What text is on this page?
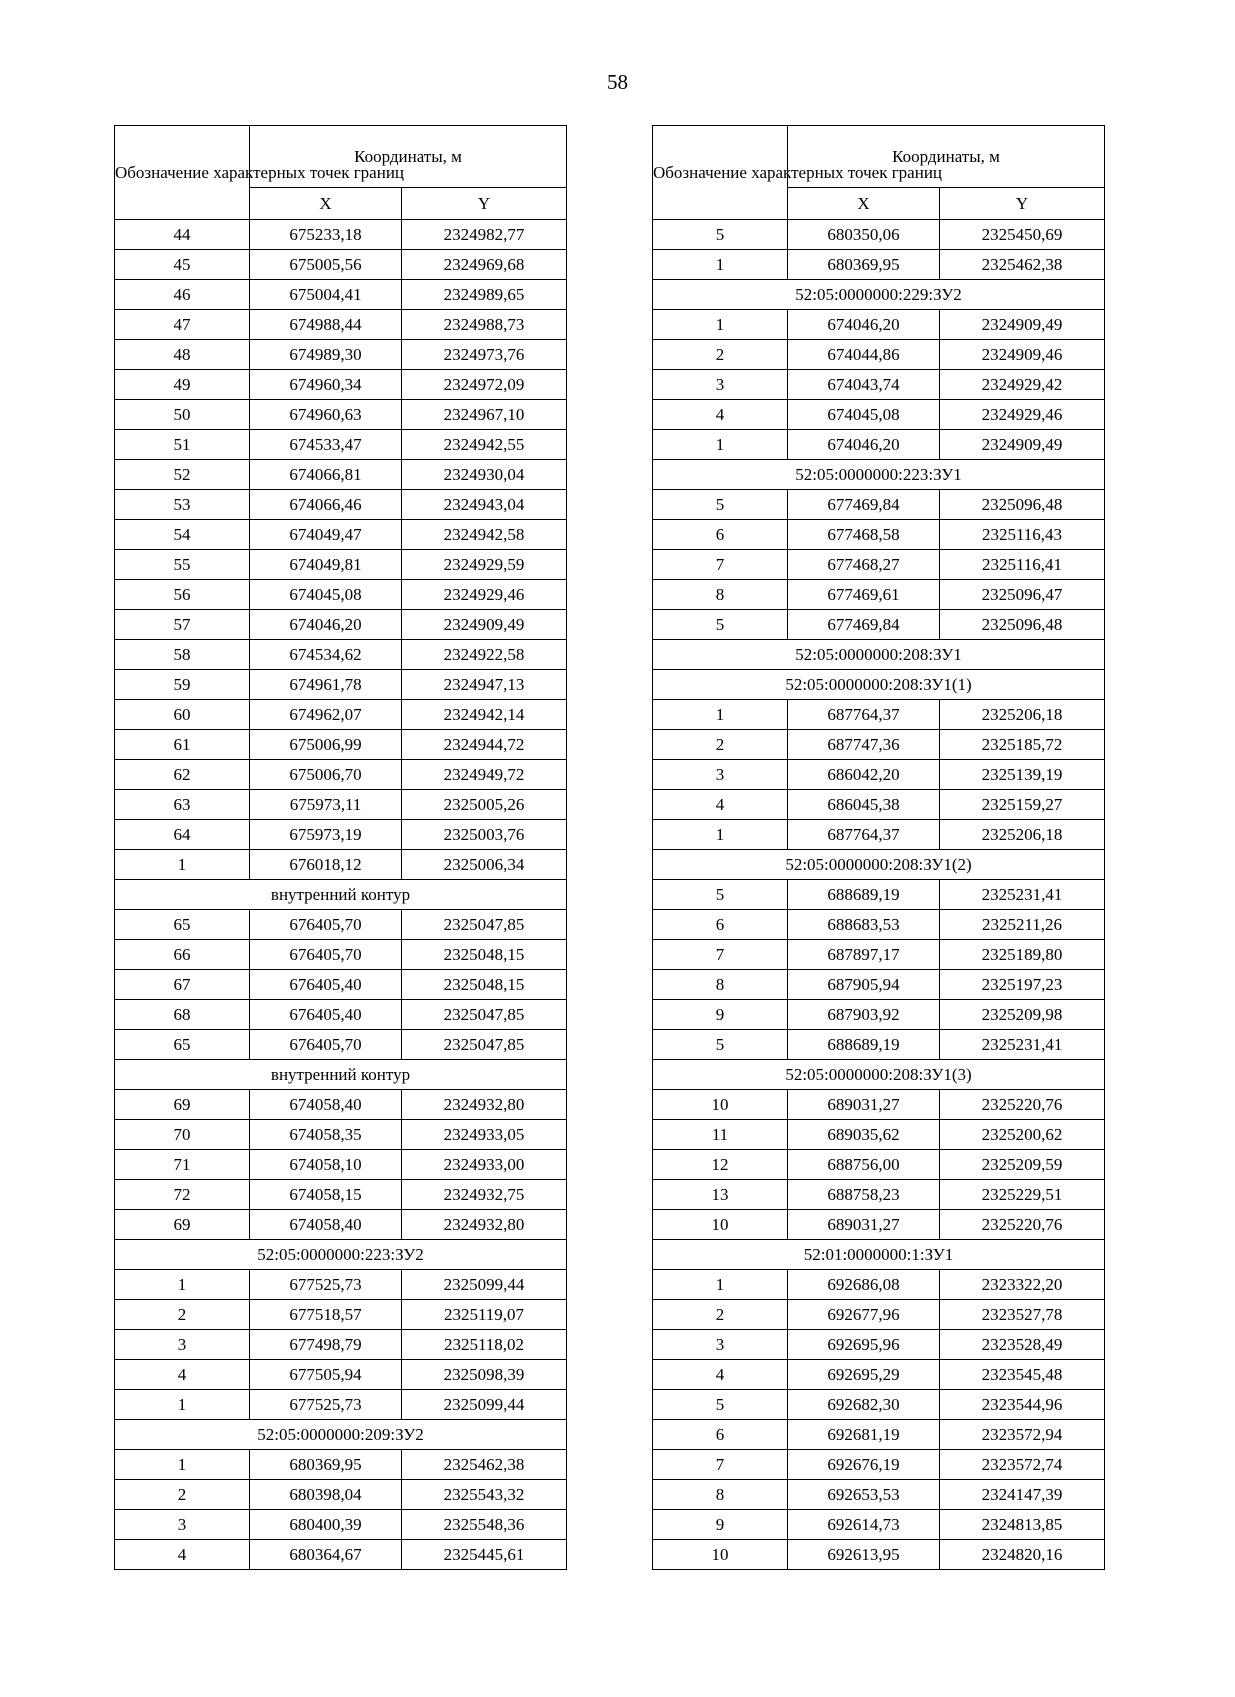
58
Обозначение характерных точек границ	Координаты, м	
	X	Y
44	675233,18	2324982,77
45	675005,56	2324969,68
46	675004,41	2324989,65
47	674988,44	2324988,73
48	674989,30	2324973,76
49	674960,34	2324972,09
50	674960,63	2324967,10
51	674533,47	2324942,55
52	674066,81	2324930,04
53	674066,46	2324943,04
54	674049,47	2324942,58
55	674049,81	2324929,59
56	674045,08	2324929,46
57	674046,20	2324909,49
58	674534,62	2324922,58
59	674961,78	2324947,13
60	674962,07	2324942,14
61	675006,99	2324944,72
62	675006,70	2324949,72
63	675973,11	2325005,26
64	675973,19	2325003,76
1	676018,12	2325006,34
внутренний контур		
65	676405,70	2325047,85
66	676405,70	2325048,15
67	676405,40	2325048,15
68	676405,40	2325047,85
65	676405,70	2325047,85
внутренний контур		
69	674058,40	2324932,80
70	674058,35	2324933,05
71	674058,10	2324933,00
72	674058,15	2324932,75
69	674058,40	2324932,80
52:05:0000000:223:ЗУ2		
1	677525,73	2325099,44
2	677518,57	2325119,07
3	677498,79	2325118,02
4	677505,94	2325098,39
1	677525,73	2325099,44
52:05:0000000:209:ЗУ2		
1	680369,95	2325462,38
2	680398,04	2325543,32
3	680400,39	2325548,36
4	680364,67	2325445,61
Обозначение характерных точек границ	Координаты, м	
	X	Y
5	680350,06	2325450,69
1	680369,95	2325462,38
52:05:0000000:229:ЗУ2		
1	674046,20	2324909,49
2	674044,86	2324909,46
3	674043,74	2324929,42
4	674045,08	2324929,46
1	674046,20	2324909,49
52:05:0000000:223:ЗУ1		
5	677469,84	2325096,48
6	677468,58	2325116,43
7	677468,27	2325116,41
8	677469,61	2325096,47
5	677469,84	2325096,48
52:05:0000000:208:ЗУ1		
52:05:0000000:208:ЗУ1(1)		
1	687764,37	2325206,18
2	687747,36	2325185,72
3	686042,20	2325139,19
4	686045,38	2325159,27
1	687764,37	2325206,18
52:05:0000000:208:ЗУ1(2)		
5	688689,19	2325231,41
6	688683,53	2325211,26
7	687897,17	2325189,80
8	687905,94	2325197,23
9	687903,92	2325209,98
5	688689,19	2325231,41
52:05:0000000:208:ЗУ1(3)		
10	689031,27	2325220,76
11	689035,62	2325200,62
12	688756,00	2325209,59
13	688758,23	2325229,51
10	689031,27	2325220,76
52:01:0000000:1:ЗУ1		
1	692686,08	2323322,20
2	692677,96	2323527,78
3	692695,96	2323528,49
4	692695,29	2323545,48
5	692682,30	2323544,96
6	692681,19	2323572,94
7	692676,19	2323572,74
8	692653,53	2324147,39
9	692614,73	2324813,85
10	692613,95	2324820,16
